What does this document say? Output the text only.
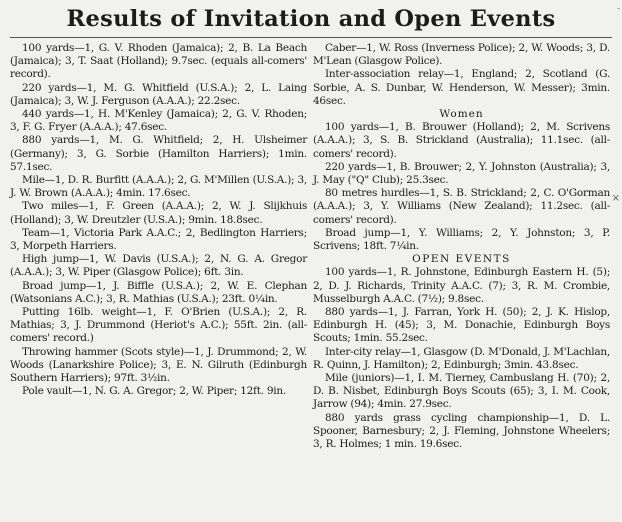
Results of Invitation and Open Events

100 yards—1, G. V. Rhoden (Jamaica); 2, B. La Beach (Jamaica); 3, T. Saat (Holland); 9.7sec. (equals all-comers' record).

220 yards—1, M. G. Whitfield (U.S.A.); 2, L. Laing (Jamaica); 3, W. J. Ferguson (A.A.A.); 22.2sec.

440 yards—1, H. M'Kenley (Jamaica); 2, G. V. Rhoden; 3, F. G. Fryer (A.A.A.); 47.6sec.

880 yards—1, M. G. Whitfield; 2, H. Ulsheimer (Germany); 3, G. Sorbie (Hamilton Harriers); 1min. 57.1sec.

Mile—1, D. R. Burfitt (A.A.A.); 2, G. M'Millen (U.S.A.); 3, J. W. Brown (A.A.A.); 4min. 17.6sec.

Two miles—1, F. Green (A.A.A.); 2, W. J. Slijkhuis (Holland); 3, W. Dreutzler (U.S.A.); 9min. 18.8sec.

Team—1, Victoria Park A.A.C.; 2, Bedlington Harriers; 3, Morpeth Harriers.

High jump—1, W. Davis (U.S.A.); 2, N. G. A. Gregor (A.A.A.); 3, W. Piper (Glasgow Police); 6ft. 3in.

Broad jump—1, J. Biffle (U.S.A.); 2, W. E. Clephan (Watsonians A.C.); 3, R. Mathias (U.S.A.); 23ft. 0¼in.

Putting 16lb. weight—1, F. O'Brien (U.S.A.); 2, R. Mathias; 3, J. Drummond (Heriot's A.C.); 55ft. 2in. (all-comers' record.)

Throwing hammer (Scots style)—1, J. Drummond; 2, W. Woods (Lanarkshire Police); 3, E. N. Gilruth (Edinburgh Southern Harriers); 97ft. 3½in.

Pole vault—1, N. G. A. Gregor; 2, W. Piper; 12ft. 9in.

Caber—1, W. Ross (Inverness Police); 2, W. Woods; 3, D. M'Lean (Glasgow Police).

Inter-association relay—1, England; 2, Scotland (G. Sorbie, A. S. Dunbar, W. Henderson, W. Messer); 3min. 46sec.

Women

100 yards—1, B. Brouwer (Holland); 2, M. Scrivens (A.A.A.); 3, S. B. Strickland (Australia); 11.1sec. (all-comers' record).

220 yards—1, B. Brouwer; 2, Y. Johnston (Australia); 3, J. May ("Q" Club); 25.3sec.

80 metres hurdles—1, S. B. Strickland; 2, C. O'Gorman (A.A.A.); 3, Y. Williams (New Zealand); 11.2sec. (all-comers' record).

Broad jump—1, Y. Williams; 2, Y. Johnston; 3, P. Scrivens; 18ft. 7¼in.

OPEN EVENTS

100 yards—1, R. Johnstone, Edinburgh Eastern H. (5); 2, D. J. Richards, Trinity A.A.C. (7); 3, R. M. Crombie, Musselburgh A.A.C. (7½); 9.8sec.

880 yards—1, J. Farran, York H. (50); 2, J. K. Hislop, Edinburgh H. (45); 3, M. Donachie, Edinburgh Boys Scouts; 1min. 55.2sec.

Inter-city relay—1, Glasgow (D. M'Donald, J. M'Lachlan, R. Quinn, J. Hamilton); 2, Edinburgh; 3min. 43.8sec.

Mile (juniors)—1, I. M. Tierney, Cambuslang H. (70); 2, D. B. Nisbet, Edinburgh Boys Scouts (65); 3, I. M. Cook, Jarrow (94); 4min. 27.9sec.

880 yards grass cycling championship—1, D. L. Spooner, Barnesbury; 2, J. Fleming, Johnstone Wheelers; 3, R. Holmes; 1 min. 19.6sec.

×
-
